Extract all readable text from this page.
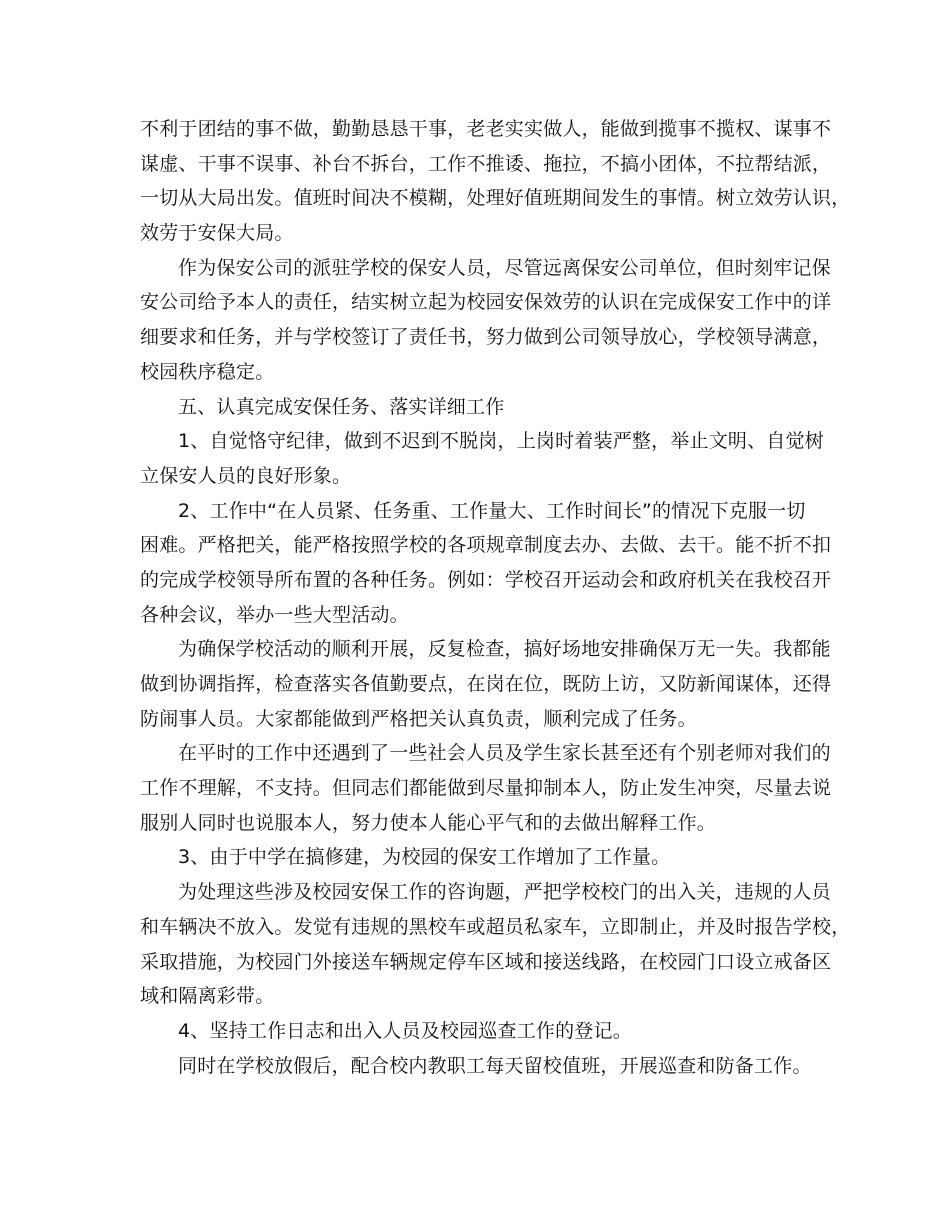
不利于团结的事不做，勤勤恳恳干事，老老实实做人，能做到揽事不揽权、谋事不
谋虚、干事不误事、补台不拆台，工作不推诿、拖拉，不搞小团体，不拉帮结派，
一切从大局出发。值班时间决不模糊，处理好值班期间发生的事情。树立效劳认识，
效劳于安保大局。
作为保安公司的派驻学校的保安人员，尽管远离保安公司单位，但时刻牢记保
安公司给予本人的责任，结实树立起为校园安保效劳的认识在完成保安工作中的详
细要求和任务，并与学校签订了责任书，努力做到公司领导放心，学校领导满意，
校园秩序稳定。
五、认真完成安保任务、落实详细工作
1、自觉恪守纪律，做到不迟到不脱岗，上岗时着装严整，举止文明、自觉树
立保安人员的良好形象。
2、工作中“在人员紧、任务重、工作量大、工作时间长”的情况下克服一切
困难。严格把关，能严格按照学校的各项规章制度去办、去做、去干。能不折不扣
的完成学校领导所布置的各种任务。例如：学校召开运动会和政府机关在我校召开
各种会议，举办一些大型活动。
为确保学校活动的顺利开展，反复检查，搞好场地安排确保万无一失。我都能
做到协调指挥，检查落实各值勤要点，在岗在位，既防上访，又防新闻谋体，还得
防闹事人员。大家都能做到严格把关认真负责，顺利完成了任务。
在平时的工作中还遇到了一些社会人员及学生家长甚至还有个别老师对我们的
工作不理解，不支持。但同志们都能做到尽量抑制本人，防止发生冲突，尽量去说
服别人同时也说服本人，努力使本人能心平气和的去做出解释工作。
3、由于中学在搞修建，为校园的保安工作增加了工作量。
为处理这些涉及校园安保工作的咨询题，严把学校校门的出入关，违规的人员
和车辆决不放入。发觉有违规的黑校车或超员私家车，立即制止，并及时报告学校，
采取措施，为校园门外接送车辆规定停车区域和接送线路，在校园门口设立戒备区
域和隔离彩带。
4、坚持工作日志和出入人员及校园巡查工作的登记。
同时在学校放假后，配合校内教职工每天留校值班，开展巡查和防备工作。
